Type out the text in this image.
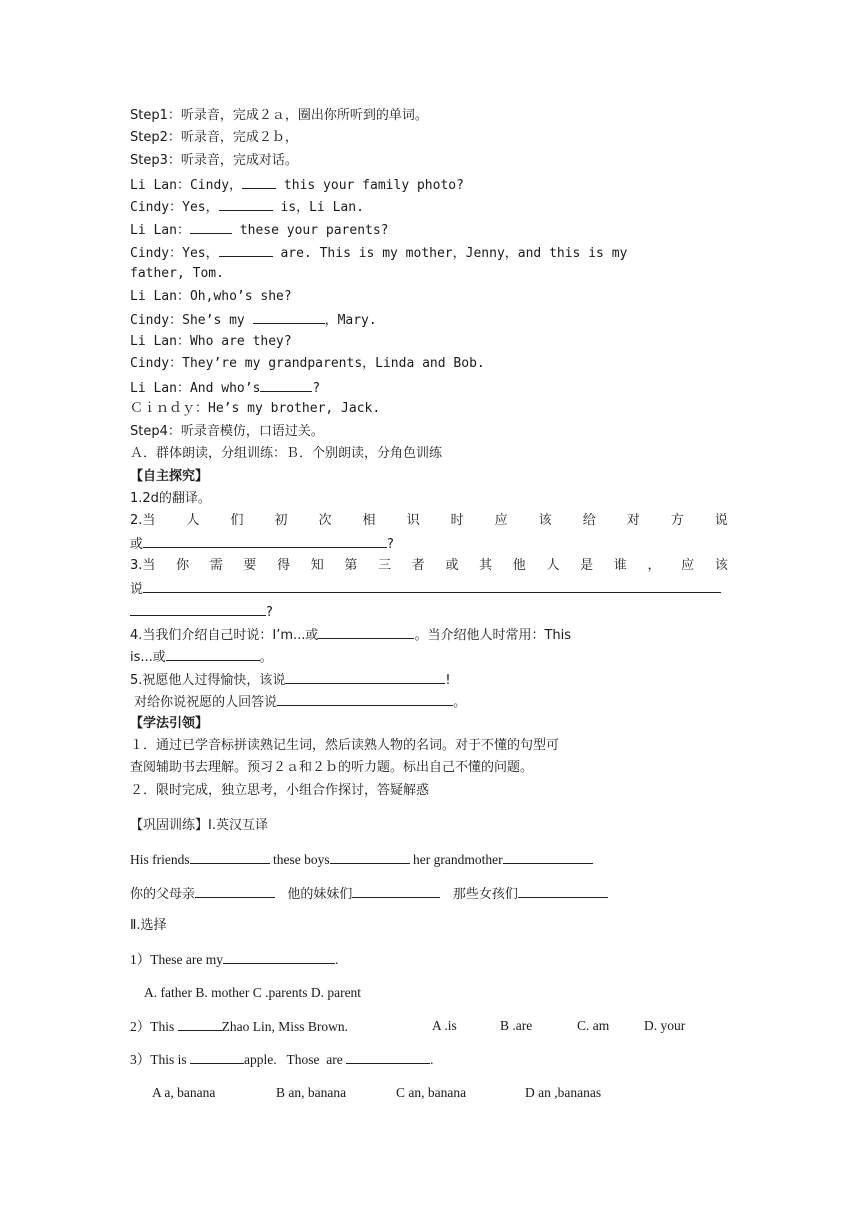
Step1：听录音，完成２ａ，圈出你所听到的单词。
Step2：听录音，完成２ｂ，
Step3：听录音，完成对话。
Li Lan：Cindy，	this your family photo?
Cindy：Yes，	is，Li Lan.
Li Lan：	these your parents?
Cindy：Yes，	are. This is my mother，Jenny，and this is my
father, Tom.
Li Lan：Oh,who’s she?
Cindy：She’s my	，Mary.
Li Lan：Who are they?
Cindy：They’re my grandparents，Linda and Bob.
Li Lan：And who’s	?
Ｃｉｎｄｙ：He’s my brother, Jack.
Step4：听录音模仿，口语过关。
Ａ．群体朗读，分组训练：Ｂ．个别朗读，分角色训练
【自主探究】
1.2d的翻译。
2.当 人 们 初 次 相 识 时 应 该 给 对 方 说
或	?
3.当 你 需 要 得 知 第 三 者 或 其 他 人 是 谁 ， 应 该
说
?
4.当我们介绍自己时说：I’m...或	。当介绍他人时常用：This
is...或	。
5.祝愿他人过得愉快，该说	!
对给你说祝愿的人回答说	。
【学法引领】
１．通过已学音标拼读熟记生词，然后读熟人物的名词。对于不懂的句型可
查阅辅助书去理解。预习２ａ和２ｂ的听力题。标出自己不懂的问题。
２．限时完成，独立思考，小组合作探讨，答疑解惑
【巩固训练】Ⅰ.英汉互译
His friends	these boys	her grandmother
你的父母亲	他的妹妹们	那些女孩们
Ⅱ.选择
1）These are my	.
A. father B. mother C .parents D. parent
2）This	Zhao Lin, Miss Brown.	A .is	B .are	C. am	D. your
3）This is	apple. Those  are	.
A a, banana	B an, banana	C an, banana	D an ,bananas
